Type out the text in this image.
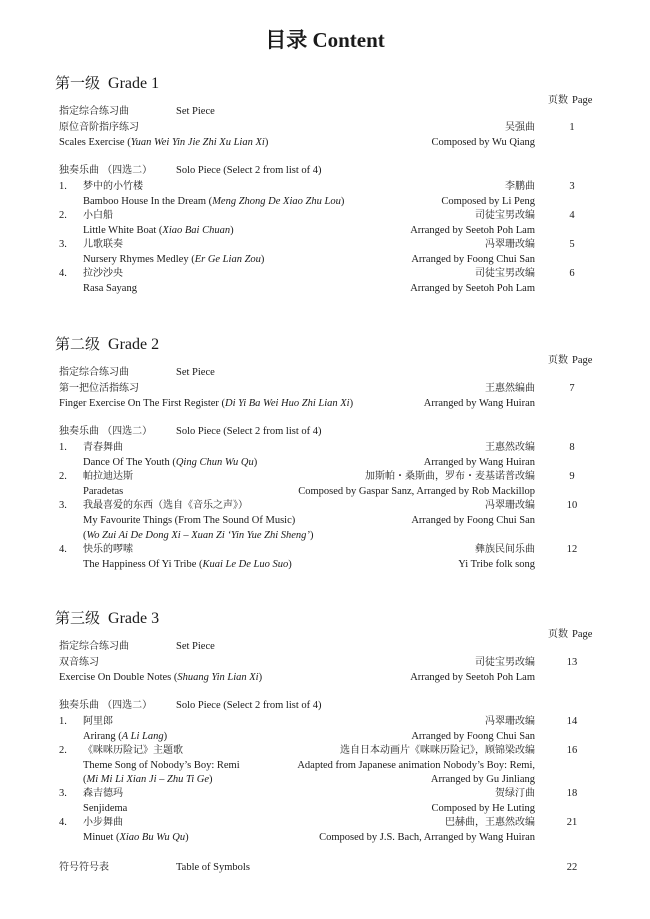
目录 Content
第一级 Grade 1
页数 Page
指定综合练习曲	Set Piece
原位音阶指序练习	吴强曲	1
Scales Exercise (Yuan Wei Yin Jie Zhi Xu Lian Xi)	Composed by Wu Qiang
独奏乐曲 （四选二） Solo Piece (Select 2 from list of 4)
1. 梦中的小竹楼	李鹏曲	3
Bamboo House In the Dream (Meng Zhong De Xiao Zhu Lou)	Composed by Li Peng
2. 小白船	司徒宝男改编	4
Little White Boat (Xiao Bai Chuan)	Arranged by Seetoh Poh Lam
3. 儿歌联奏	冯翠珊改编	5
Nursery Rhymes Medley (Er Ge Lian Zou)	Arranged by Foong Chui San
4. 拉沙沙央	司徒宝男改编	6
Rasa Sayang	Arranged by Seetoh Poh Lam
第二级 Grade 2
页数 Page
指定综合练习曲	Set Piece
第一把位活指练习	王惠然编曲	7
Finger Exercise On The First Register (Di Yi Ba Wei Huo Zhi Lian Xi)	Arranged by Wang Huiran
独奏乐曲 （四选二） Solo Piece (Select 2 from list of 4)
1. 青春舞曲	王惠然改编	8
Dance Of The Youth (Qing Chun Wu Qu)	Arranged by Wang Huiran
2. 帕拉迪达斯	加斯帕・桑斯曲，罗布・麦基诺普改编	9
Paradetas	Composed by Gaspar Sanz, Arranged by Rob Mackillop
3. 我最喜爱的东西（选自《音乐之声》）	冯翠珊改编	10
My Favourite Things (From The Sound Of Music)	Arranged by Foong Chui San
(Wo Zui Ai De Dong Xi – Xuan Zi ‘Yin Yue Zhi Sheng’)
4. 快乐的啰嗦	彝族民间乐曲	12
The Happiness Of Yi Tribe (Kuai Le De Luo Suo)	Yi Tribe folk song
第三级 Grade 3
页数 Page
指定综合练习曲	Set Piece
双音练习	司徒宝男改编	13
Exercise On Double Notes (Shuang Yin Lian Xi)	Arranged by Seetoh Poh Lam
独奏乐曲 （四选二） Solo Piece (Select 2 from list of 4)
1. 阿里郎	冯翠珊改编	14
Arirang (A Li Lang)	Arranged by Foong Chui San
2. 《咪咪历险记》主题歌	选自日本动画片《咪咪历险记》，顾锦梁改编	16
Theme Song of Nobody’s Boy: Remi	Adapted from Japanese animation Nobody’s Boy: Remi,
(Mi Mi Li Xian Ji – Zhu Ti Ge)	Arranged by Gu Jinliang
3. 森吉德玛	贺绿汀曲	18
Senjidema	Composed by He Luting
4. 小步舞曲	巴赫曲，王惠然改编	21
Minuet (Xiao Bu Wu Qu)	Composed by J.S. Bach, Arranged by Wang Huiran
符号符号表	Table of Symbols	22
